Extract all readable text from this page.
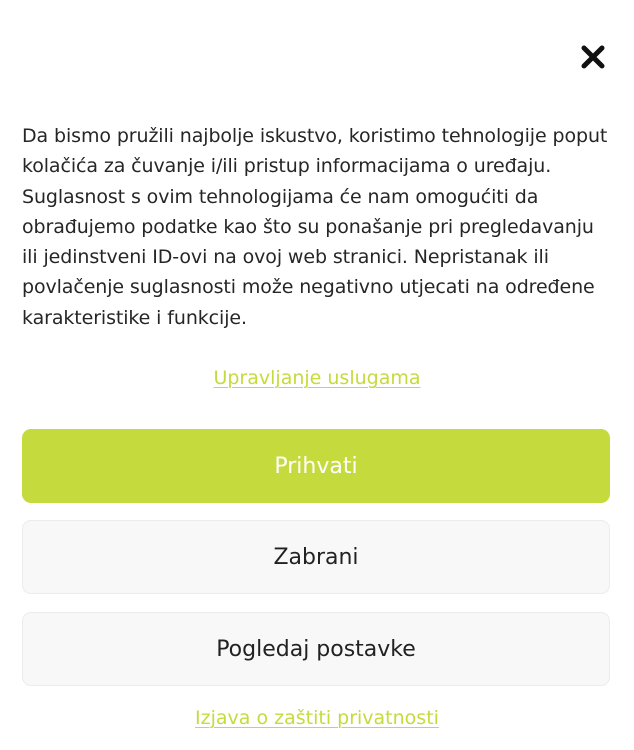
Da bismo pružili najbolje iskustvo, koristimo tehnologije poput kolačića za čuvanje i/ili pristup informacijama o uređaju. Suglasnost s ovim tehnologijama će nam omogućiti da obrađujemo podatke kao što su ponašanje pri pregledavanju ili jedinstveni ID-ovi na ovoj web stranici. Nepristanak ili povlačenje suglasnosti može negativno utjecati na određene karakteristike i funkcije.

Upravljanje uslugama
Prihvati
Zabrani
Pogledaj postavke
Izjava o zaštiti privatnosti
